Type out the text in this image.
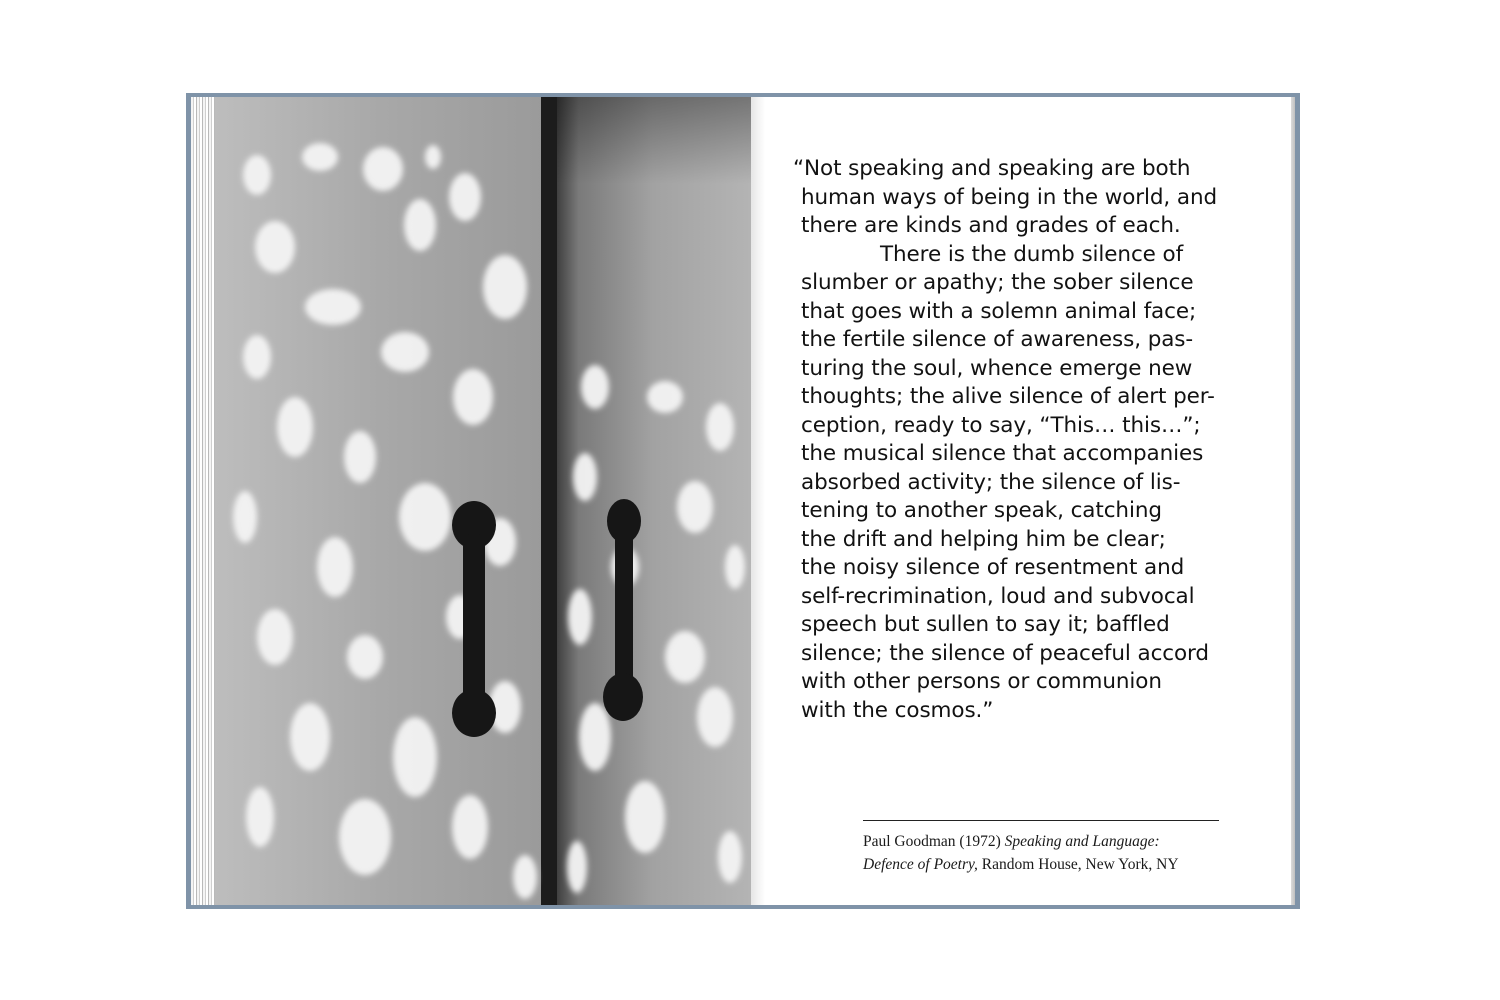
“Not speaking and speaking are both
human ways of being in the world, and
there are kinds and grades of each.
There is the dumb silence of
slumber or apathy; the sober silence
that goes with a solemn animal face;
the fertile silence of awareness, pas-
turing the soul, whence emerge new
thoughts; the alive silence of alert per-
ception, ready to say, “This… this…”;
the musical silence that accompanies
absorbed activity; the silence of lis-
tening to another speak, catching
the drift and helping him be clear;
the noisy silence of resentment and
self-recrimination, loud and subvocal
speech but sullen to say it; baffled
silence; the silence of peaceful accord
with other persons or communion
with the cosmos.”

Paul Goodman (1972) Speaking and Language:
Defence of Poetry, Random House, New York, NY
